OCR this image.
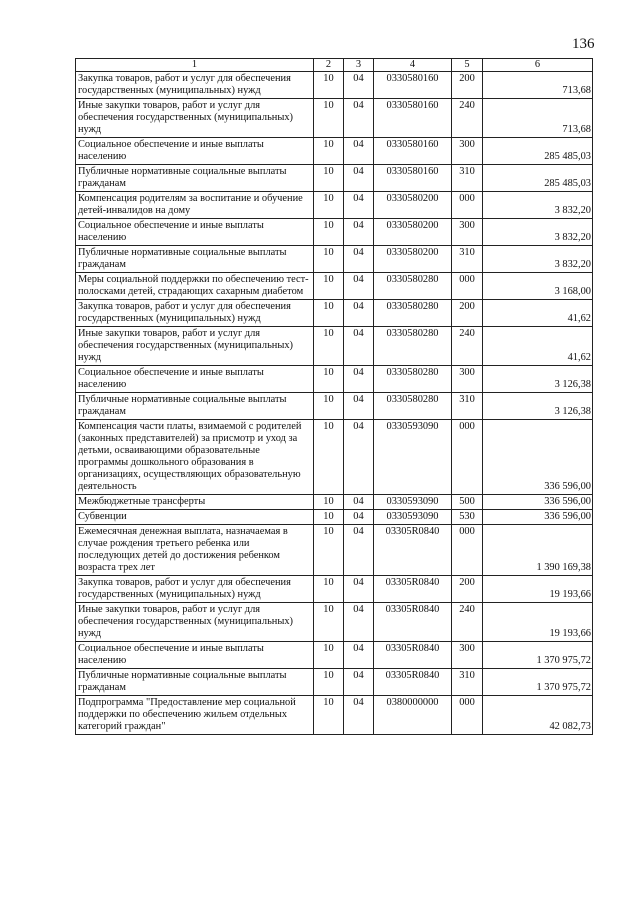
136
1	2	3	4	5	6
Закупка товаров, работ и услуг для обеспечения государственных (муниципальных) нужд	10	04	0330580160	200	713,68
Иные закупки товаров, работ и услуг для обеспечения государственных (муниципальных) нужд	10	04	0330580160	240	713,68
Социальное обеспечение и иные выплаты населению	10	04	0330580160	300	285 485,03
Публичные нормативные социальные выплаты гражданам	10	04	0330580160	310	285 485,03
Компенсация родителям за воспитание и обучение детей-инвалидов на дому	10	04	0330580200	000	3 832,20
Социальное обеспечение и иные выплаты населению	10	04	0330580200	300	3 832,20
Публичные нормативные социальные выплаты гражданам	10	04	0330580200	310	3 832,20
Меры социальной поддержки по обеспечению тест-полосками детей, страдающих сахарным диабетом	10	04	0330580280	000	3 168,00
Закупка товаров, работ и услуг для обеспечения государственных (муниципальных) нужд	10	04	0330580280	200	41,62
Иные закупки товаров, работ и услуг для обеспечения государственных (муниципальных) нужд	10	04	0330580280	240	41,62
Социальное обеспечение и иные выплаты населению	10	04	0330580280	300	3 126,38
Публичные нормативные социальные выплаты гражданам	10	04	0330580280	310	3 126,38
Компенсация части платы, взимаемой с родителей (законных представителей) за присмотр и уход за детьми, осваивающими образовательные программы дошкольного образования в организациях, осуществляющих образовательную деятельность	10	04	0330593090	000	336 596,00
Межбюджетные трансферты	10	04	0330593090	500	336 596,00
Субвенции	10	04	0330593090	530	336 596,00
Ежемесячная денежная выплата, назначаемая в случае рождения третьего ребенка или последующих детей до достижения ребенком возраста трех лет	10	04	03305R0840	000	1 390 169,38
Закупка товаров, работ и услуг для обеспечения государственных (муниципальных) нужд	10	04	03305R0840	200	19 193,66
Иные закупки товаров, работ и услуг для обеспечения государственных (муниципальных) нужд	10	04	03305R0840	240	19 193,66
Социальное обеспечение и иные выплаты населению	10	04	03305R0840	300	1 370 975,72
Публичные нормативные социальные выплаты гражданам	10	04	03305R0840	310	1 370 975,72
Подпрограмма "Предоставление мер социальной поддержки по обеспечению жильем отдельных категорий граждан"	10	04	0380000000	000	42 082,73
